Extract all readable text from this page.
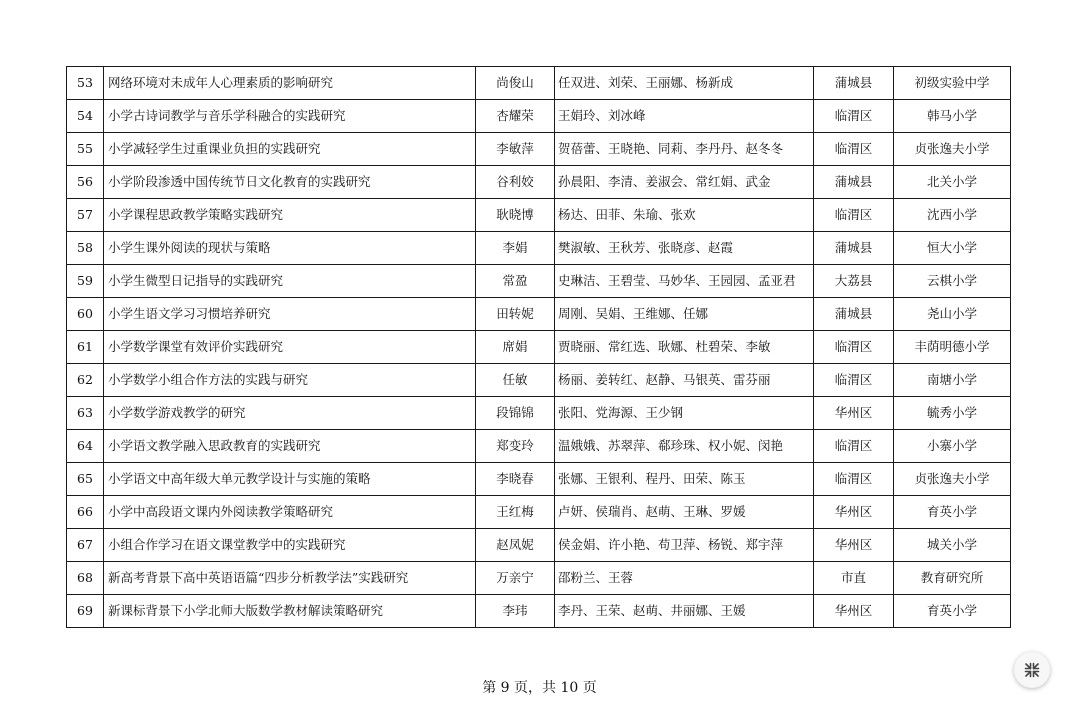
53	网络环境对未成年人心理素质的影响研究	尚俊山	任双进、刘荣、王丽娜、杨新成	蒲城县	初级实验中学
54	小学古诗词教学与音乐学科融合的实践研究	杏耀荣	王娟玲、刘冰峰	临渭区	韩马小学
55	小学减轻学生过重课业负担的实践研究	李敏萍	贺蓓蕾、王晓艳、同莉、李丹丹、赵冬冬	临渭区	贞张逸夫小学
56	小学阶段渗透中国传统节日文化教育的实践研究	谷利姣	孙晨阳、李清、姜淑会、常红娟、武金	蒲城县	北关小学
57	小学课程思政教学策略实践研究	耿晓博	杨达、田菲、朱瑜、张欢	临渭区	沈西小学
58	小学生课外阅读的现状与策略	李娟	樊淑敏、王秋芳、张晓彦、赵霞	蒲城县	恒大小学
59	小学生微型日记指导的实践研究	常盈	史琳洁、王碧莹、马妙华、王园园、孟亚君	大荔县	云棋小学
60	小学生语文学习习惯培养研究	田转妮	周刚、吴娟、王维娜、任娜	蒲城县	尧山小学
61	小学数学课堂有效评价实践研究	席娟	贾晓丽、常红选、耿娜、杜碧荣、李敏	临渭区	丰荫明德小学
62	小学数学小组合作方法的实践与研究	任敏	杨丽、姜转红、赵静、马银英、雷芬丽	临渭区	南塘小学
63	小学数学游戏教学的研究	段锦锦	张阳、党海源、王少钢	华州区	毓秀小学
64	小学语文教学融入思政教育的实践研究	郑变玲	温娥娥、苏翠萍、郗珍珠、权小妮、闵艳	临渭区	小寨小学
65	小学语文中高年级大单元教学设计与实施的策略	李晓春	张娜、王银利、程丹、田荣、陈玉	临渭区	贞张逸夫小学
66	小学中高段语文课内外阅读教学策略研究	王红梅	卢妍、侯瑞肖、赵萌、王琳、罗媛	华州区	育英小学
67	小组合作学习在语文课堂教学中的实践研究	赵凤妮	侯金娟、许小艳、苟卫萍、杨锐、郑宇萍	华州区	城关小学
68	新高考背景下高中英语语篇“四步分析教学法”实践研究	万亲宁	邵粉兰、王蓉	市直	教育研究所
69	新课标背景下小学北师大版数学教材解读策略研究	李玮	李丹、王荣、赵萌、井丽娜、王媛	华州区	育英小学
第 9 页，共 10 页
